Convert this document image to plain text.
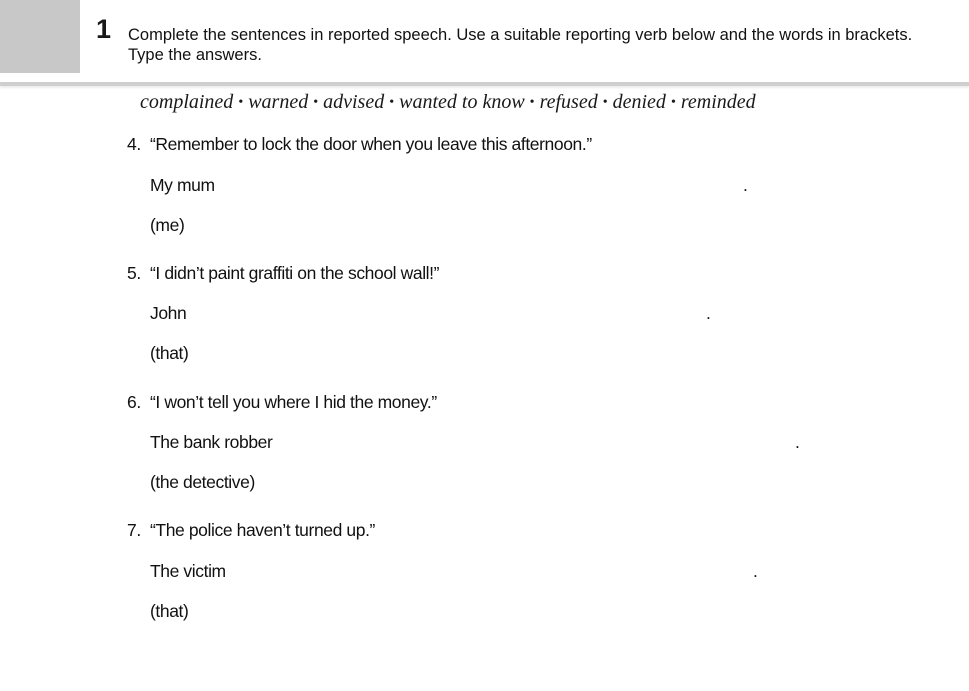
1 Complete the sentences in reported speech. Use a suitable reporting verb below and the words in brackets. Type the answers.
complained • warned • advised • wanted to know • refused • denied • reminded
4. “Remember to lock the door when you leave this afternoon.”
My mum	.
(me)
5. “I didn’t paint graffiti on the school wall!”
John	.
(that)
6. “I won’t tell you where I hid the money.”
The bank robber	.
(the detective)
7. “The police haven’t turned up.”
The victim	.
(that)
